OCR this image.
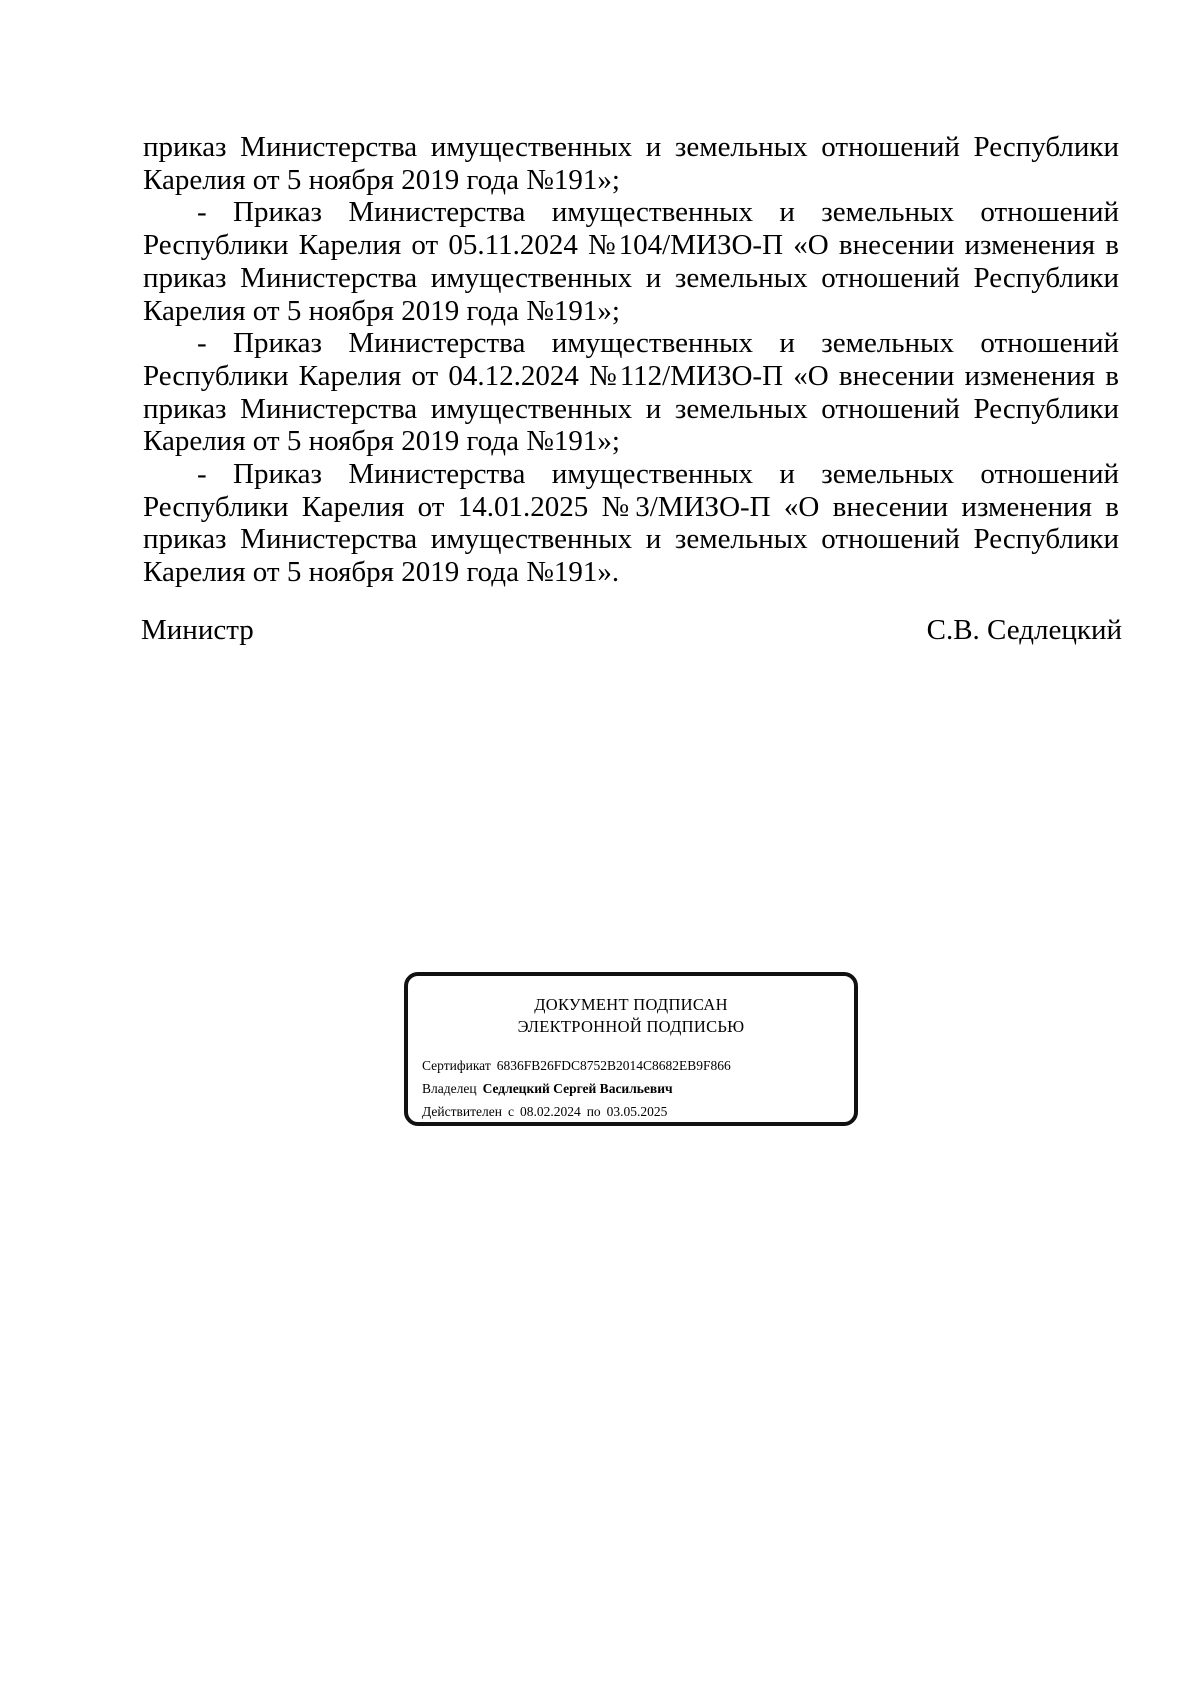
приказ Министерства имущественных и земельных отношений Республики Карелия от 5 ноября 2019 года №191»;

- Приказ Министерства имущественных и земельных отношений Республики Карелия от 05.11.2024 №104/МИЗО-П «О внесении изменения в приказ Министерства имущественных и земельных отношений Республики Карелия от 5 ноября 2019 года №191»;

- Приказ Министерства имущественных и земельных отношений Республики Карелия от 04.12.2024 №112/МИЗО-П «О внесении изменения в приказ Министерства имущественных и земельных отношений Республики Карелия от 5 ноября 2019 года №191»;

- Приказ Министерства имущественных и земельных отношений Республики Карелия от 14.01.2025 №3/МИЗО-П «О внесении изменения в приказ Министерства имущественных и земельных отношений Республики Карелия от 5 ноября 2019 года №191».

Министр	С.В. Седлецкий
ДОКУМЕНТ ПОДПИСАН
ЭЛЕКТРОННОЙ ПОДПИСЬЮ
Сертификат 6836FB26FDC8752B2014C8682EB9F866
Владелец Седлецкий Сергей Васильевич
Действителен с 08.02.2024 по 03.05.2025
